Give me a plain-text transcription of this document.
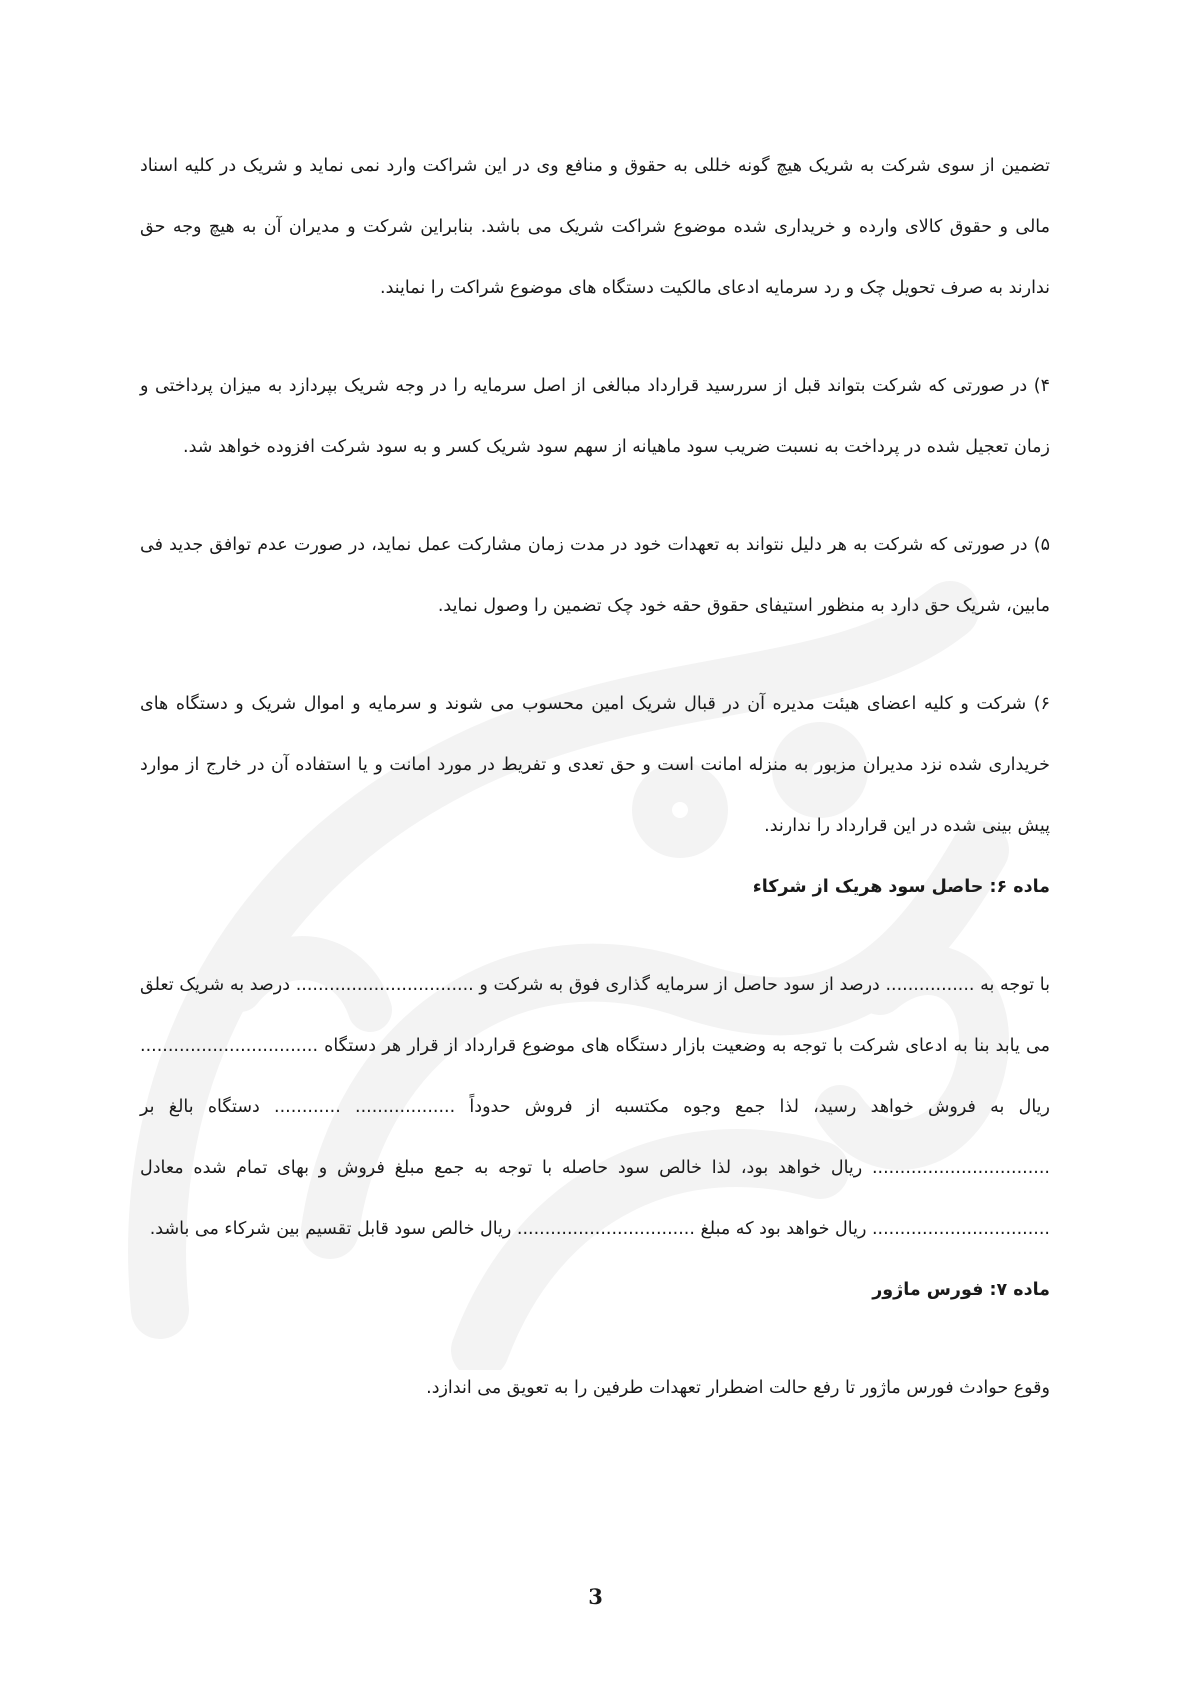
تضمین از سوی شرکت به شریک هیچ گونه خللی به حقوق و منافع وی در این شراکت وارد نمی نماید و شریک در کلیه اسناد مالی و حقوق کالای وارده و خریداری شده موضوع شراکت شریک می باشد. بنابراین شرکت و مدیران آن به هیچ وجه حق ندارند به صرف تحویل چک و رد سرمایه ادعای مالکیت دستگاه های موضوع شراکت را نمایند.

۴) در صورتی که شرکت بتواند قبل از سررسید قرارداد مبالغی از اصل سرمایه را در وجه شریک بپردازد به میزان پرداختی و زمان تعجیل شده در پرداخت به نسبت ضریب سود ماهیانه از سهم سود شریک کسر و به سود شرکت افزوده خواهد شد.

۵) در صورتی که شرکت به هر دلیل نتواند به تعهدات خود در مدت زمان مشارکت عمل نماید، در صورت عدم توافق جدید فی مابین، شریک حق دارد به منظور استیفای حقوق حقه خود چک تضمین را وصول نماید.

۶) شرکت و کلیه اعضای هیئت مدیره آن در قبال شریک امین محسوب می شوند و سرمایه و اموال شریک و دستگاه های خریداری شده نزد مدیران مزبور به منزله امانت است و حق تعدی و تفریط در مورد امانت و یا استفاده آن در خارج از موارد پیش بینی شده در این قرارداد را ندارند.

ماده ۶: حاصل سود هریک از شرکاء

با توجه به ................ درصد از سود حاصل از سرمایه گذاری فوق به شرکت و ................................ درصد به شریک تعلق می یابد بنا به ادعای شرکت با توجه به وضعیت بازار دستگاه های موضوع قرارداد از قرار هر دستگاه ................................ ریال به فروش خواهد رسید، لذا جمع وجوه مکتسبه از فروش حدوداً .................. ............ دستگاه بالغ بر ................................ ریال خواهد بود، لذا خالص سود حاصله با توجه به جمع مبلغ فروش و بهای تمام شده معادل ................................ ریال خواهد بود که مبلغ ................................ ریال خالص سود قابل تقسیم بین شرکاء می باشد.

ماده ۷: فورس ماژور

وقوع حوادث فورس ماژور تا رفع حالت اضطرار تعهدات طرفین را به تعویق می اندازد.

3
